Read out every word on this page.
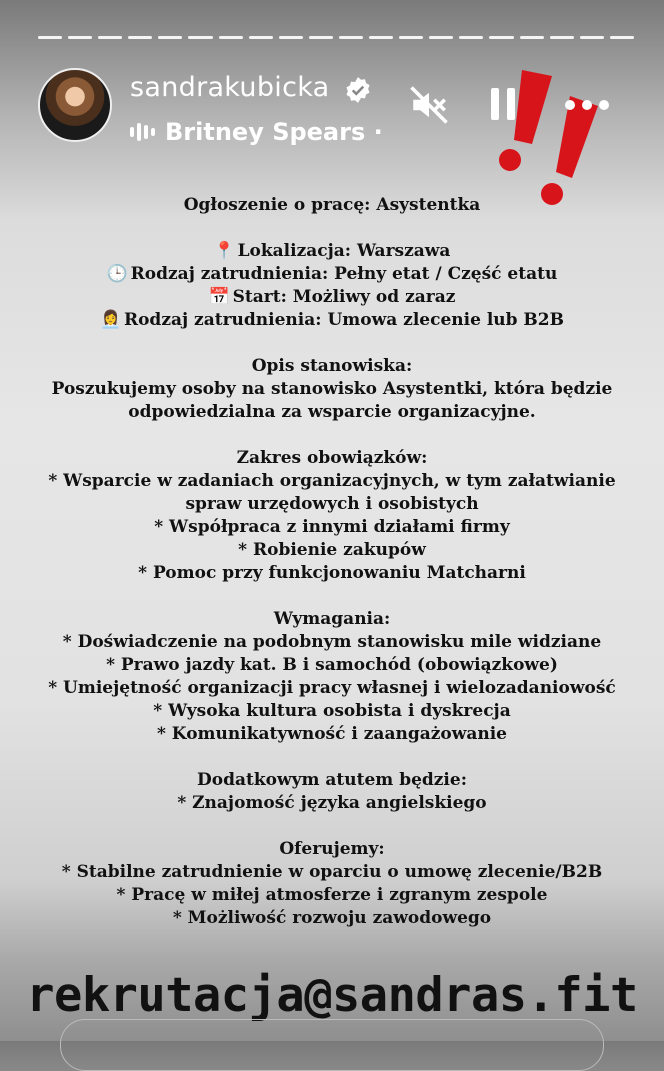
sandrakubicka
Britney Spears ·
Ogłoszenie o pracę: Asystentka

📍 Lokalizacja: Warszawa
🕒 Rodzaj zatrudnienia: Pełny etat / Część etatu
📅 Start: Możliwy od zaraz
👩‍💼 Rodzaj zatrudnienia: Umowa zlecenie lub B2B

Opis stanowiska:
Poszukujemy osoby na stanowisko Asystentki, która będzie
odpowiedzialna za wsparcie organizacyjne.

Zakres obowiązków:
* Wsparcie w zadaniach organizacyjnych, w tym załatwianie
spraw urzędowych i osobistych
* Współpraca z innymi działami firmy
* Robienie zakupów
* Pomoc przy funkcjonowaniu Matcharni

Wymagania:
* Doświadczenie na podobnym stanowisku mile widziane
* Prawo jazdy kat. B i samochód (obowiązkowe)
* Umiejętność organizacji pracy własnej i wielozadaniowość
* Wysoka kultura osobista i dyskrecja
* Komunikatywność i zaangażowanie

Dodatkowym atutem będzie:
* Znajomość języka angielskiego

Oferujemy:
* Stabilne zatrudnienie w oparciu o umowę zlecenie/B2B
* Pracę w miłej atmosferze i zgranym zespole
* Możliwość rozwoju zawodowego
rekrutacja@sandras.fit
